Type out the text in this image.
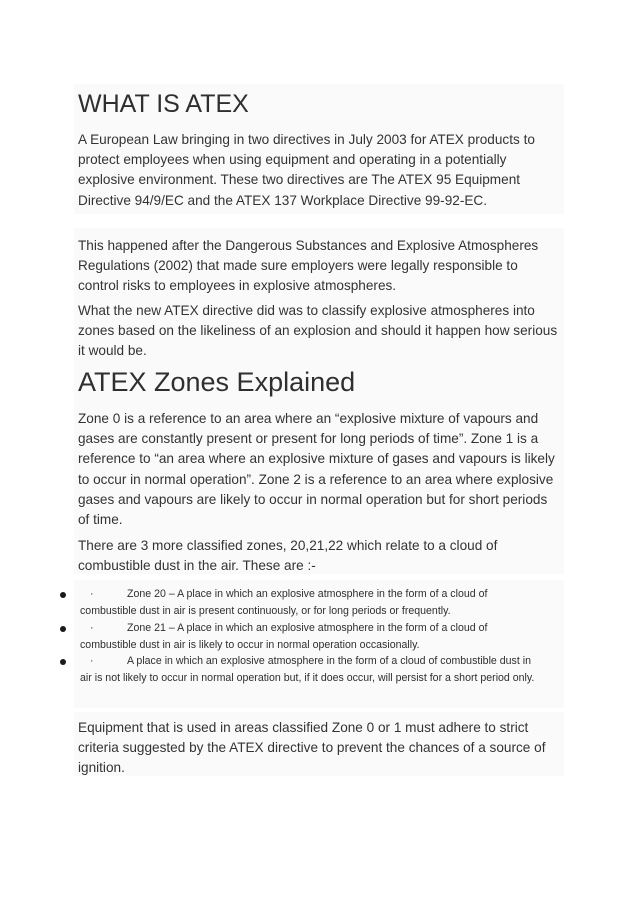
WHAT IS ATEX
A European Law bringing in two directives in July 2003 for ATEX products to protect employees when using equipment and operating in a potentially explosive environment. These two directives are The ATEX 95 Equipment Directive 94/9/EC and the ATEX 137 Workplace Directive 99-92-EC.
This happened after the Dangerous Substances and Explosive Atmospheres Regulations (2002) that made sure employers were legally responsible to control risks to employees in explosive atmospheres.
What the new ATEX directive did was to classify explosive atmospheres into zones based on the likeliness of an explosion and should it happen how serious it would be.
ATEX Zones Explained
Zone 0 is a reference to an area where an “explosive mixture of vapours and gases are constantly present or present for long periods of time”. Zone 1 is a reference to “an area where an explosive mixture of gases and vapours is likely to occur in normal operation”. Zone 2 is a reference to an area where explosive gases and vapours are likely to occur in normal operation but for short periods of time.
There are 3 more classified zones, 20,21,22 which relate to a cloud of combustible dust in the air. These are :-
·	Zone 20 – A place in which an explosive atmosphere in the form of a cloud of
combustible dust in air is present continuously, or for long periods or frequently.
·	Zone 21 – A place in which an explosive atmosphere in the form of a cloud of
combustible dust in air is likely to occur in normal operation occasionally.
·	A place in which an explosive atmosphere in the form of a cloud of combustible dust in
air is not likely to occur in normal operation but, if it does occur, will persist for a short period only.
Equipment that is used in areas classified Zone 0 or 1 must adhere to strict criteria suggested by the ATEX directive to prevent the chances of a source of ignition.
